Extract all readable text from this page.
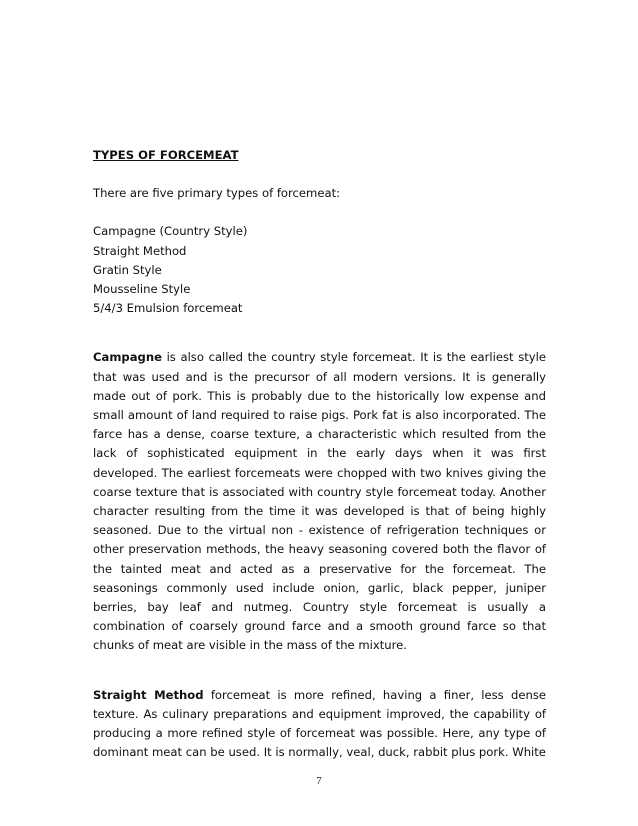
TYPES OF FORCEMEAT

There are five primary types of forcemeat:

Campagne (Country Style)
Straight Method
Gratin Style
Mousseline Style
5/4/3 Emulsion forcemeat

Campagne is also called the country style forcemeat. It is the earliest style that was used and is the precursor of all modern versions. It is generally made out of pork. This is probably due to the historically low expense and small amount of land required to raise pigs. Pork fat is also incorporated. The farce has a dense, coarse texture, a characteristic which resulted from the lack of sophisticated equipment in the early days when it was first developed. The earliest forcemeats were chopped with two knives giving the coarse texture that is associated with country style forcemeat today. Another character resulting from the time it was developed is that of being highly seasoned. Due to the virtual non - existence of refrigeration techniques or other preservation methods, the heavy seasoning covered both the flavor of the tainted meat and acted as a preservative for the forcemeat. The seasonings commonly used include onion, garlic, black pepper, juniper berries, bay leaf and nutmeg. Country style forcemeat is usually a combination of coarsely ground farce and a smooth ground farce so that chunks of meat are visible in the mass of the mixture.

Straight Method forcemeat is more refined, having a finer, less dense texture. As culinary preparations and equipment improved, the capability of producing a more refined style of forcemeat was possible. Here, any type of dominant meat can be used. It is normally, veal, duck, rabbit plus pork. White

7
